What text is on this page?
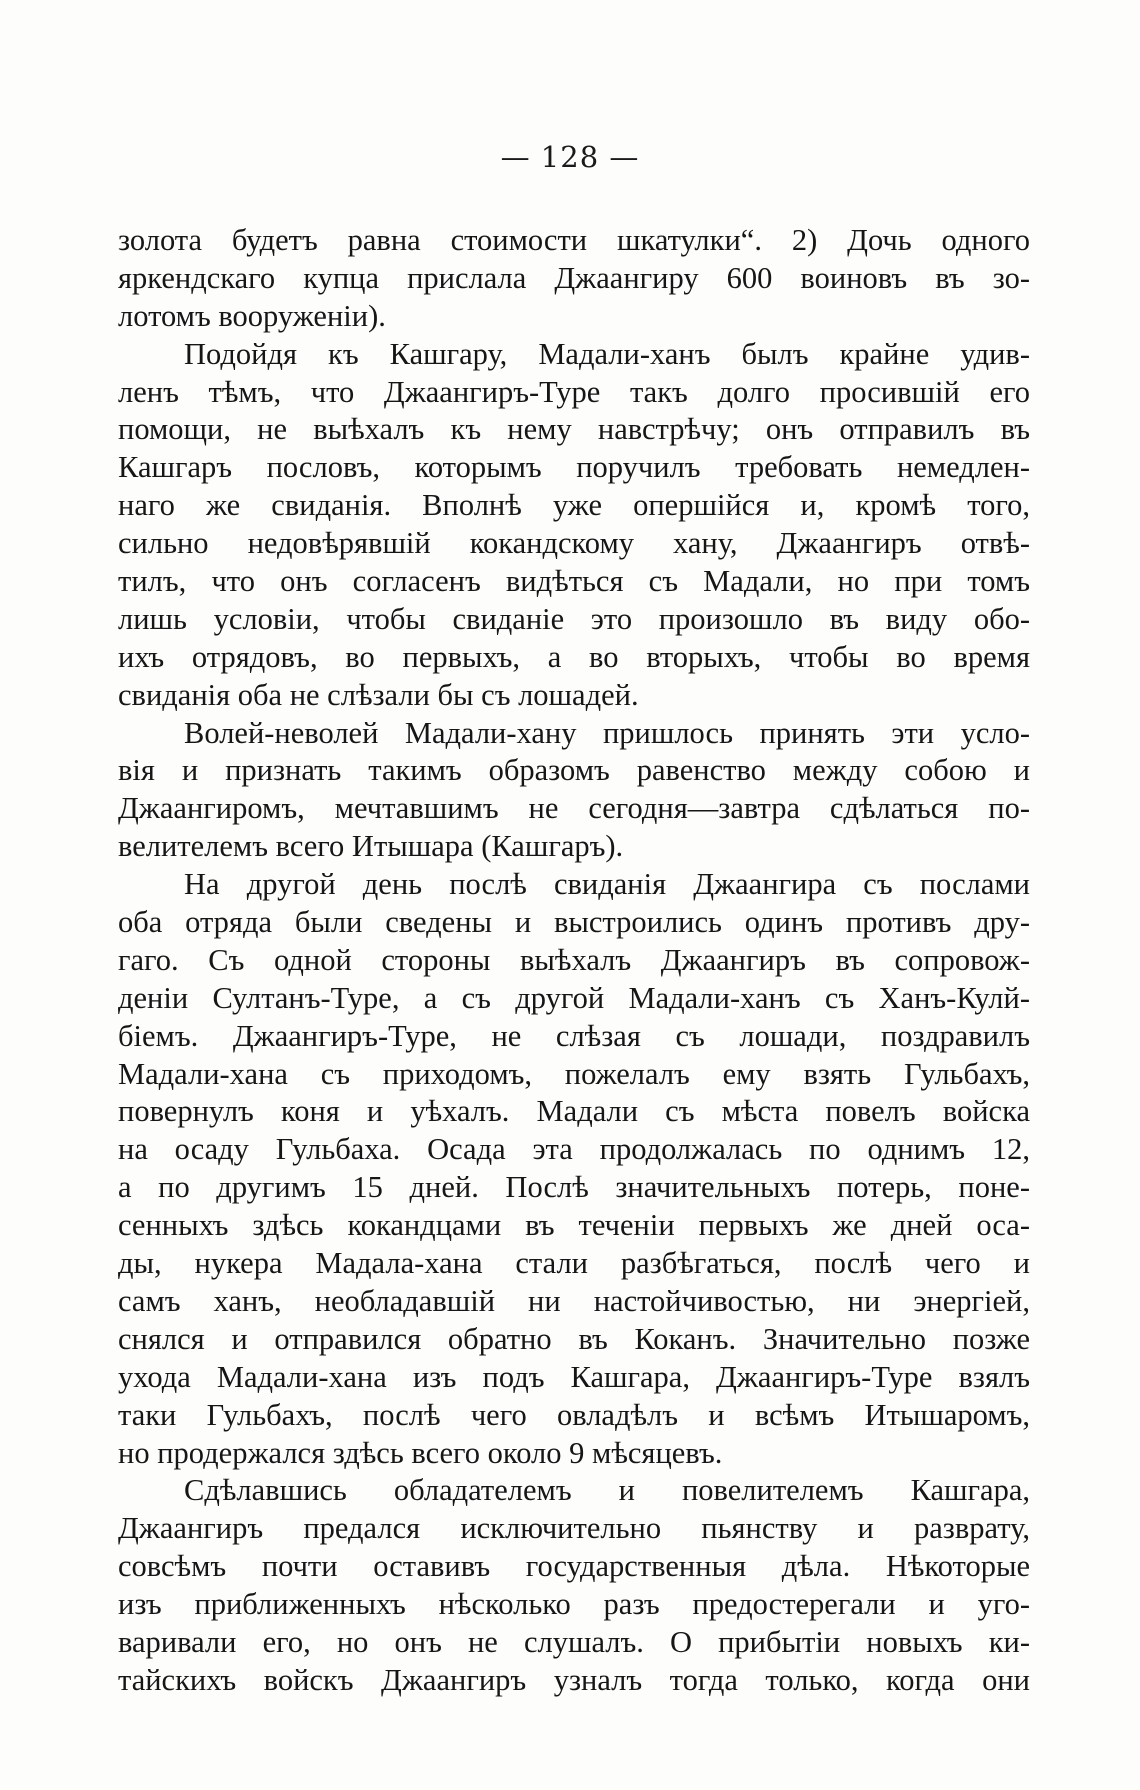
— 128 —
золота будетъ равна стоимости шкатулки“. 2) Дочь одного
яркендскаго купца прислала Джаангиру 600 воиновъ въ зо-
лотомъ вооруженіи).
Подойдя къ Кашгару, Мадали-ханъ былъ крайне удив-
ленъ тѣмъ, что Джаангиръ-Туре такъ долго просившій его
помощи, не выѣхалъ къ нему навстрѣчу; онъ отправилъ въ
Кашгаръ пословъ, которымъ поручилъ требовать немедлен-
наго же свиданія. Вполнѣ уже опершійся и, кромѣ того,
сильно недовѣрявшій кокандскому хану, Джаангиръ отвѣ-
тилъ, что онъ согласенъ видѣться съ Мадали, но при томъ
лишь условіи, чтобы свиданіе это произошло въ виду обо-
ихъ отрядовъ, во первыхъ, а во вторыхъ, чтобы во время
свиданія оба не слѣзали бы съ лошадей.
Волей-неволей Мадали-хану пришлось принять эти усло-
вія и признать такимъ образомъ равенство между собою и
Джаангиромъ, мечтавшимъ не сегодня—завтра сдѣлаться по-
велителемъ всего Итышара (Кашгаръ).
На другой день послѣ свиданія Джаангира съ послами
оба отряда были сведены и выстроились одинъ противъ дру-
гаго. Съ одной стороны выѣхалъ Джаангиръ въ сопровож-
деніи Султанъ-Туре, а съ другой Мадали-ханъ съ Ханъ-Кулй-
біемъ. Джаангиръ-Туре, не слѣзая съ лошади, поздравилъ
Мадали-хана съ приходомъ, пожелалъ ему взять Гульбахъ,
повернулъ коня и уѣхалъ. Мадали съ мѣста повелъ войска
на осаду Гульбаха. Осада эта продолжалась по однимъ 12,
а по другимъ 15 дней. Послѣ значительныхъ потерь, поне-
сенныхъ здѣсь кокандцами въ теченіи первыхъ же дней оса-
ды, нукера Мадала-хана стали разбѣгаться, послѣ чего и
самъ ханъ, необладавшій ни настойчивостью, ни энергіей,
снялся и отправился обратно въ Коканъ. Значительно позже
ухода Мадали-хана изъ подъ Кашгара, Джаангиръ-Туре взялъ
таки Гульбахъ, послѣ чего овладѣлъ и всѣмъ Итышаромъ,
но продержался здѣсь всего около 9 мѣсяцевъ.
Сдѣлавшись обладателемъ и повелителемъ Кашгара,
Джаангиръ предался исключительно пьянству и разврату,
совсѣмъ почти оставивъ государственныя дѣла. Нѣкоторые
изъ приближенныхъ нѣсколько разъ предостерегали и уго-
варивали его, но онъ не слушалъ. О прибытіи новыхъ ки-
тайскихъ войскъ Джаангиръ узналъ тогда только, когда они
